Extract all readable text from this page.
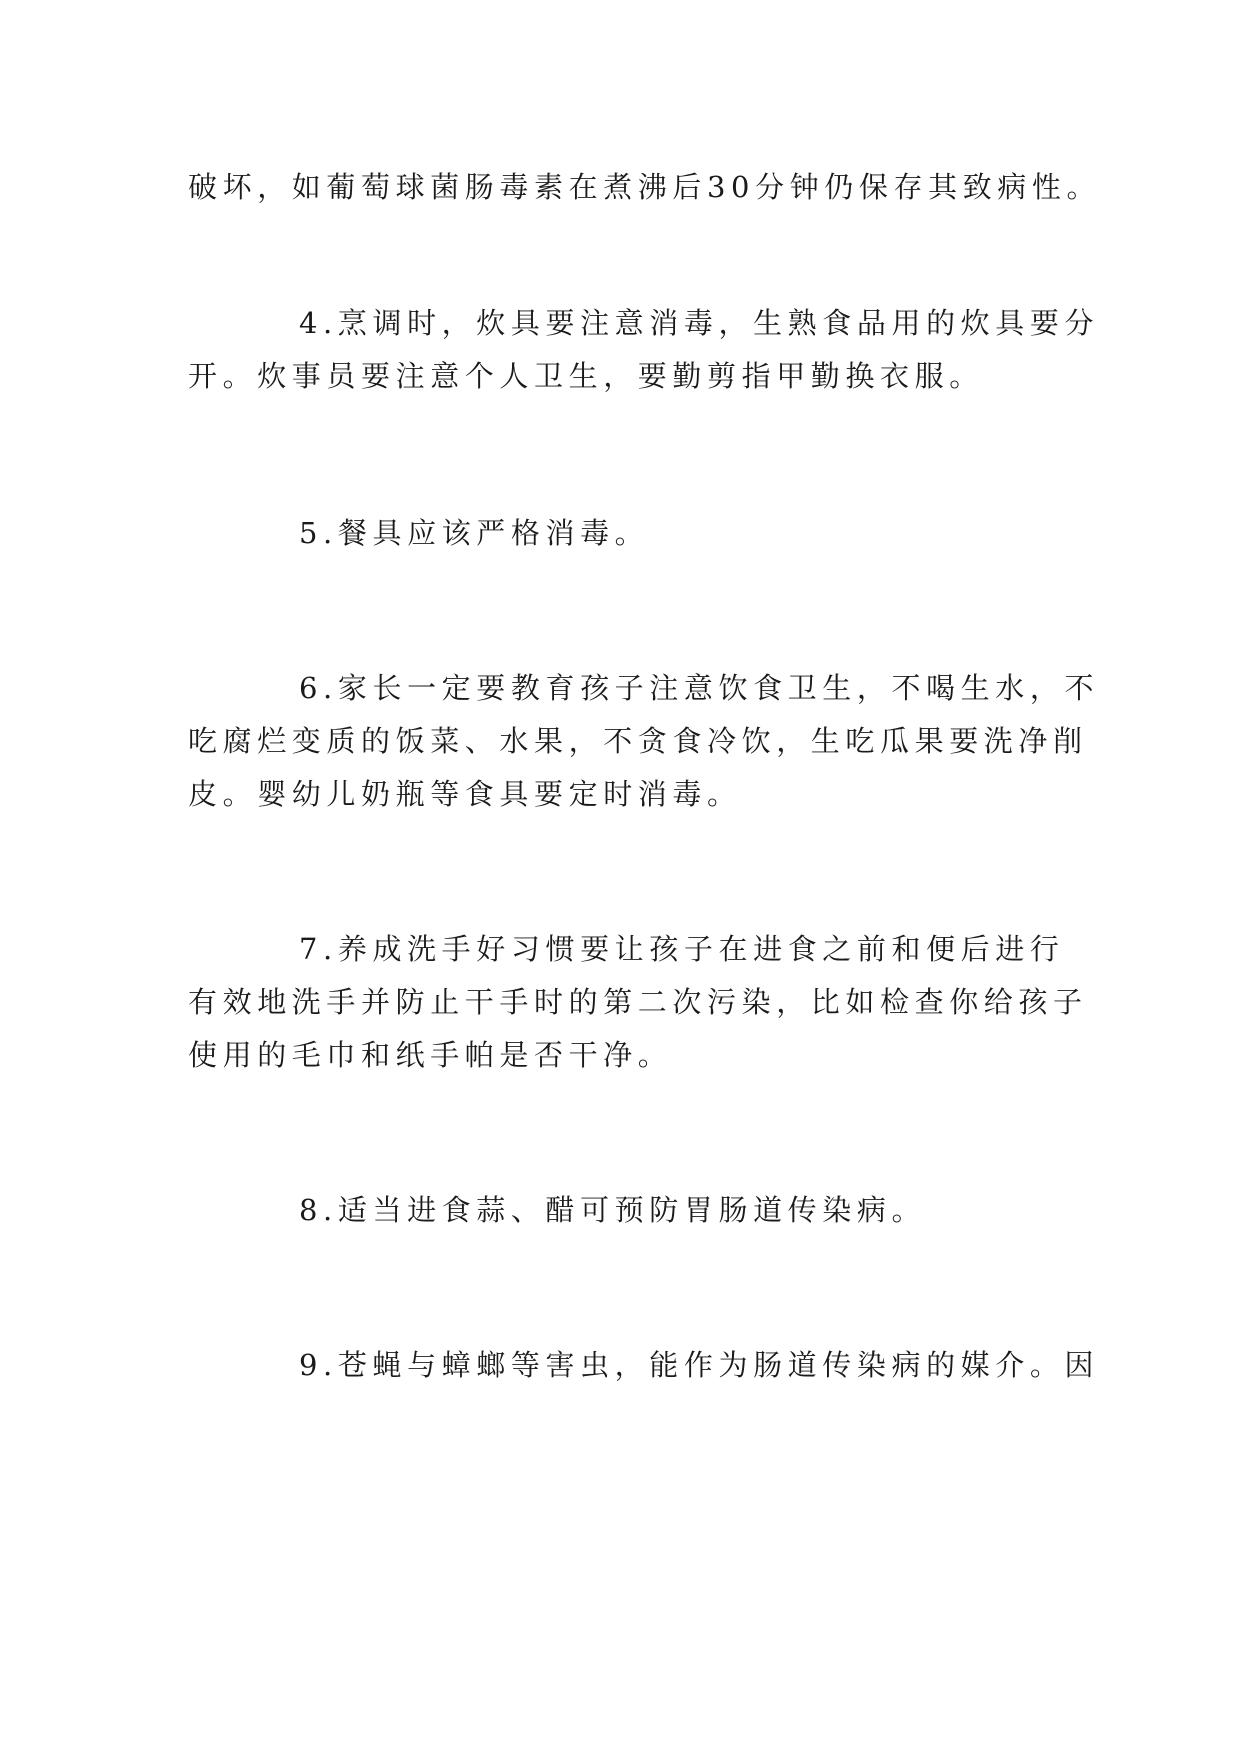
破坏，如葡萄球菌肠毒素在煮沸后30分钟仍保存其致病性。
4.烹调时，炊具要注意消毒，生熟食品用的炊具要分
开。炊事员要注意个人卫生，要勤剪指甲勤换衣服。
5.餐具应该严格消毒。
6.家长一定要教育孩子注意饮食卫生，不喝生水，不
吃腐烂变质的饭菜、水果，不贪食冷饮，生吃瓜果要洗净削
皮。婴幼儿奶瓶等食具要定时消毒。
7.养成洗手好习惯要让孩子在进食之前和便后进行
有效地洗手并防止干手时的第二次污染，比如检查你给孩子
使用的毛巾和纸手帕是否干净。
8.适当进食蒜、醋可预防胃肠道传染病。
9.苍蝇与蟑螂等害虫，能作为肠道传染病的媒介。因
